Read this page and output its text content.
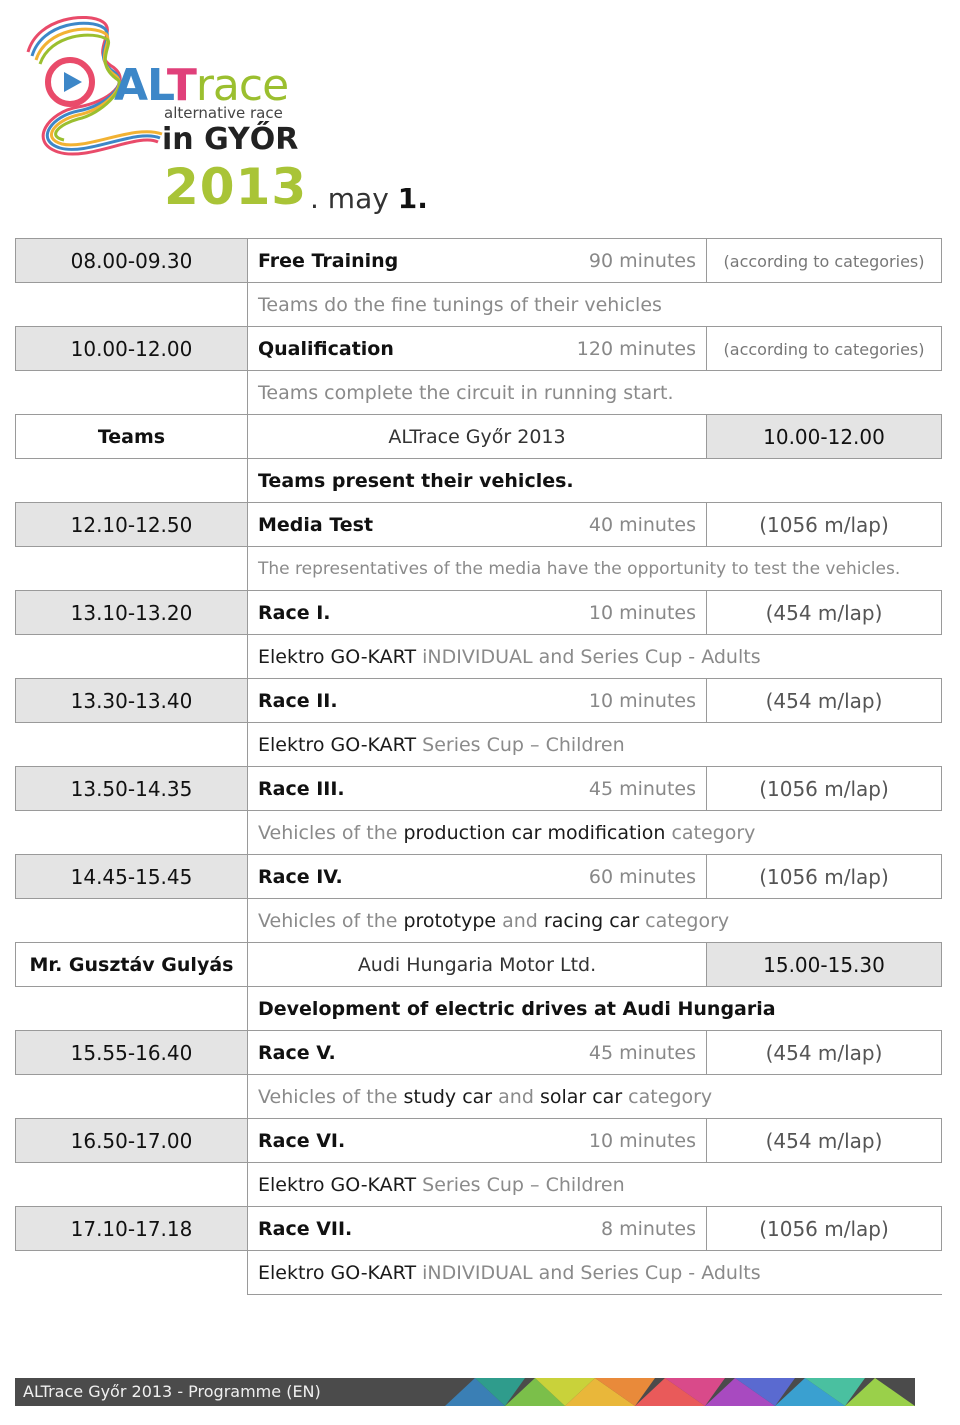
ALTrace
alternative race
in GYŐR
2013 . may 1.
08.00-09.30	Free Training 90 minutes	(according to categories)
	Teams do the fine tunings of their vehicles	
10.00-12.00	Qualification 120 minutes	(according to categories)
	Teams complete the circuit in running start.	
Teams	ALTrace Győr 2013	10.00-12.00
	Teams present their vehicles.	
12.10-12.50	Media Test 40 minutes	(1056 m/lap)
	The representatives of the media have the opportunity to test the vehicles.	
13.10-13.20	Race I. 10 minutes	(454 m/lap)
	Elektro GO-KART iNDIVIDUAL and Series Cup - Adults	
13.30-13.40	Race II. 10 minutes	(454 m/lap)
	Elektro GO-KART Series Cup – Children	
13.50-14.35	Race III. 45 minutes	(1056 m/lap)
	Vehicles of the production car modification category	
14.45-15.45	Race IV. 60 minutes	(1056 m/lap)
	Vehicles of the prototype and racing car category	
Mr. Gusztáv Gulyás	Audi Hungaria Motor Ltd.	15.00-15.30
	Development of electric drives at Audi Hungaria	
15.55-16.40	Race V. 45 minutes	(454 m/lap)
	Vehicles of the study car and solar car category	
16.50-17.00	Race VI. 10 minutes	(454 m/lap)
	Elektro GO-KART Series Cup – Children	
17.10-17.18	Race VII. 8 minutes	(1056 m/lap)
	Elektro GO-KART iNDIVIDUAL and Series Cup - Adults	
ALTrace Győr 2013 - Programme (EN)
